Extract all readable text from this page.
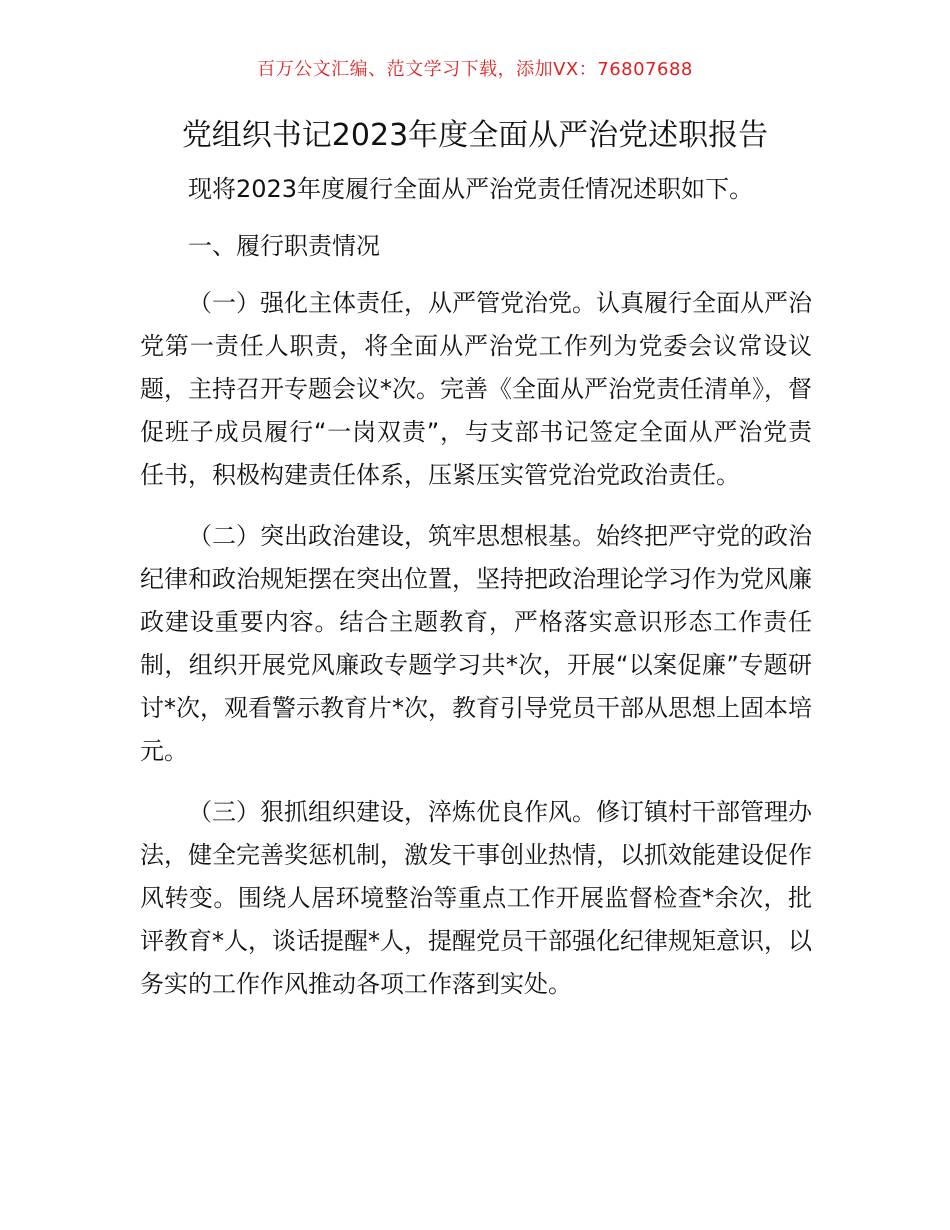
百万公文汇编、范文学习下载，添加VX：76807688
党组织书记2023年度全面从严治党述职报告

现将2023年度履行全面从严治党责任情况述职如下。

一、履行职责情况

（一）强化主体责任，从严管党治党。认真履行全面从严治党第一责任人职责，将全面从严治党工作列为党委会议常设议题，主持召开专题会议*次。完善《全面从严治党责任清单》，督促班子成员履行“一岗双责”，与支部书记签定全面从严治党责任书，积极构建责任体系，压紧压实管党治党政治责任。

（二）突出政治建设，筑牢思想根基。始终把严守党的政治纪律和政治规矩摆在突出位置，坚持把政治理论学习作为党风廉政建设重要内容。结合主题教育，严格落实意识形态工作责任制，组织开展党风廉政专题学习共*次，开展“以案促廉”专题研讨*次，观看警示教育片*次，教育引导党员干部从思想上固本培元。

（三）狠抓组织建设，淬炼优良作风。修订镇村干部管理办法，健全完善奖惩机制，激发干事创业热情，以抓效能建设促作风转变。围绕人居环境整治等重点工作开展监督检查*余次，批评教育*人，谈话提醒*人，提醒党员干部强化纪律规矩意识，以务实的工作作风推动各项工作落到实处。
